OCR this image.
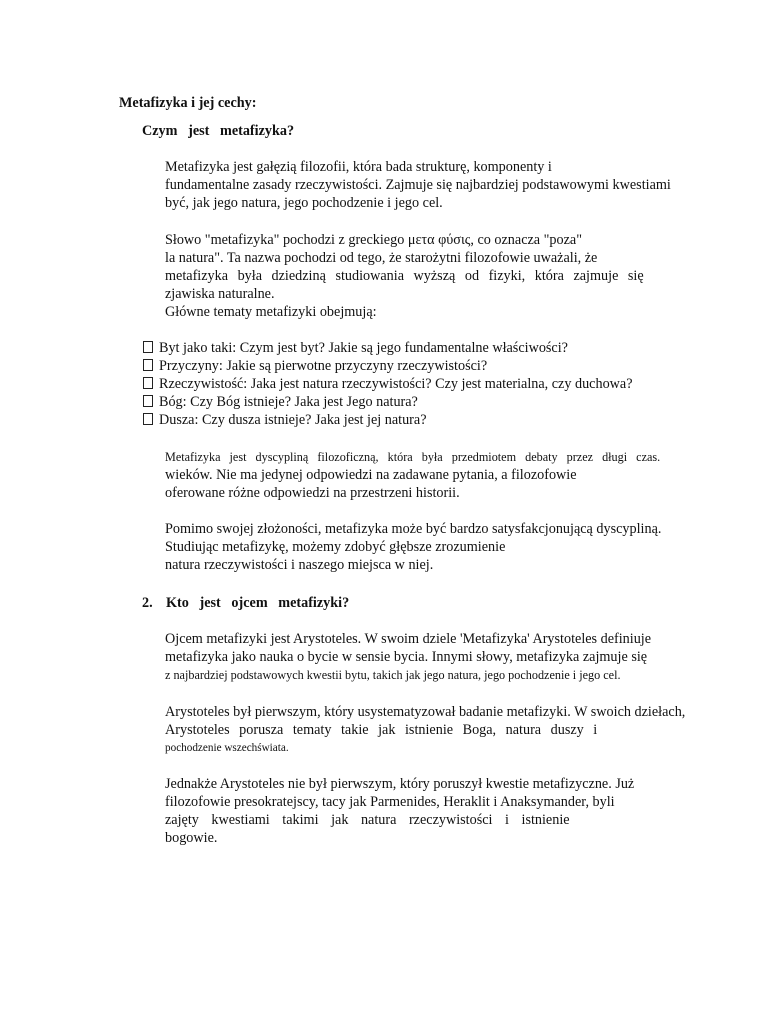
Metafizyka i jej cechy:
Czym   jest   metafizyka?
Metafizyka jest gałęzią filozofii, która bada strukturę, komponenty i
fundamentalne zasady rzeczywistości. Zajmuje się najbardziej podstawowymi kwestiami
być, jak jego natura, jego pochodzenie i jego cel.
Słowo "metafizyka" pochodzi z greckiego μετα φύσις, co oznacza "poza"
la natura". Ta nazwa pochodzi od tego, że starożytni filozofowie uważali, że
metafizyka była dziedziną studiowania wyższą od fizyki, która zajmuje się
zjawiska naturalne.
Główne tematy metafizyki obejmują:
Byt jako taki: Czym jest byt? Jakie są jego fundamentalne właściwości?
Przyczyny: Jakie są pierwotne przyczyny rzeczywistości?
Rzeczywistość: Jaka jest natura rzeczywistości? Czy jest materialna, czy duchowa?
Bóg: Czy Bóg istnieje? Jaka jest Jego natura?
Dusza: Czy dusza istnieje? Jaka jest jej natura?
Metafizyka jest dyscypliną filozoficzną, która była przedmiotem debaty przez długi czas.
wieków. Nie ma jedynej odpowiedzi na zadawane pytania, a filozofowie
oferowane różne odpowiedzi na przestrzeni historii.
Pomimo swojej złożoności, metafizyka może być bardzo satysfakcjonującą dyscypliną.
Studiując metafizykę, możemy zdobyć głębsze zrozumienie
natura rzeczywistości i naszego miejsca w niej.
2. Kto   jest   ojcem   metafizyki?
Ojcem metafizyki jest Arystoteles. W swoim dziele 'Metafizyka' Arystoteles definiuje
metafizyka jako nauka o bycie w sensie bycia. Innymi słowy, metafizyka zajmuje się
z najbardziej podstawowych kwestii bytu, takich jak jego natura, jego pochodzenie i jego cel.
Arystoteles był pierwszym, który usystematyzował badanie metafizyki. W swoich dziełach,
Arystoteles porusza tematy takie jak istnienie Boga, natura duszy i
pochodzenie wszechświata.
Jednakże Arystoteles nie był pierwszym, który poruszył kwestie metafizyczne. Już
filozofowie presokratejscy, tacy jak Parmenides, Heraklit i Anaksymander, byli
zajęty kwestiami takimi jak natura rzeczywistości i istnienie
bogowie.
